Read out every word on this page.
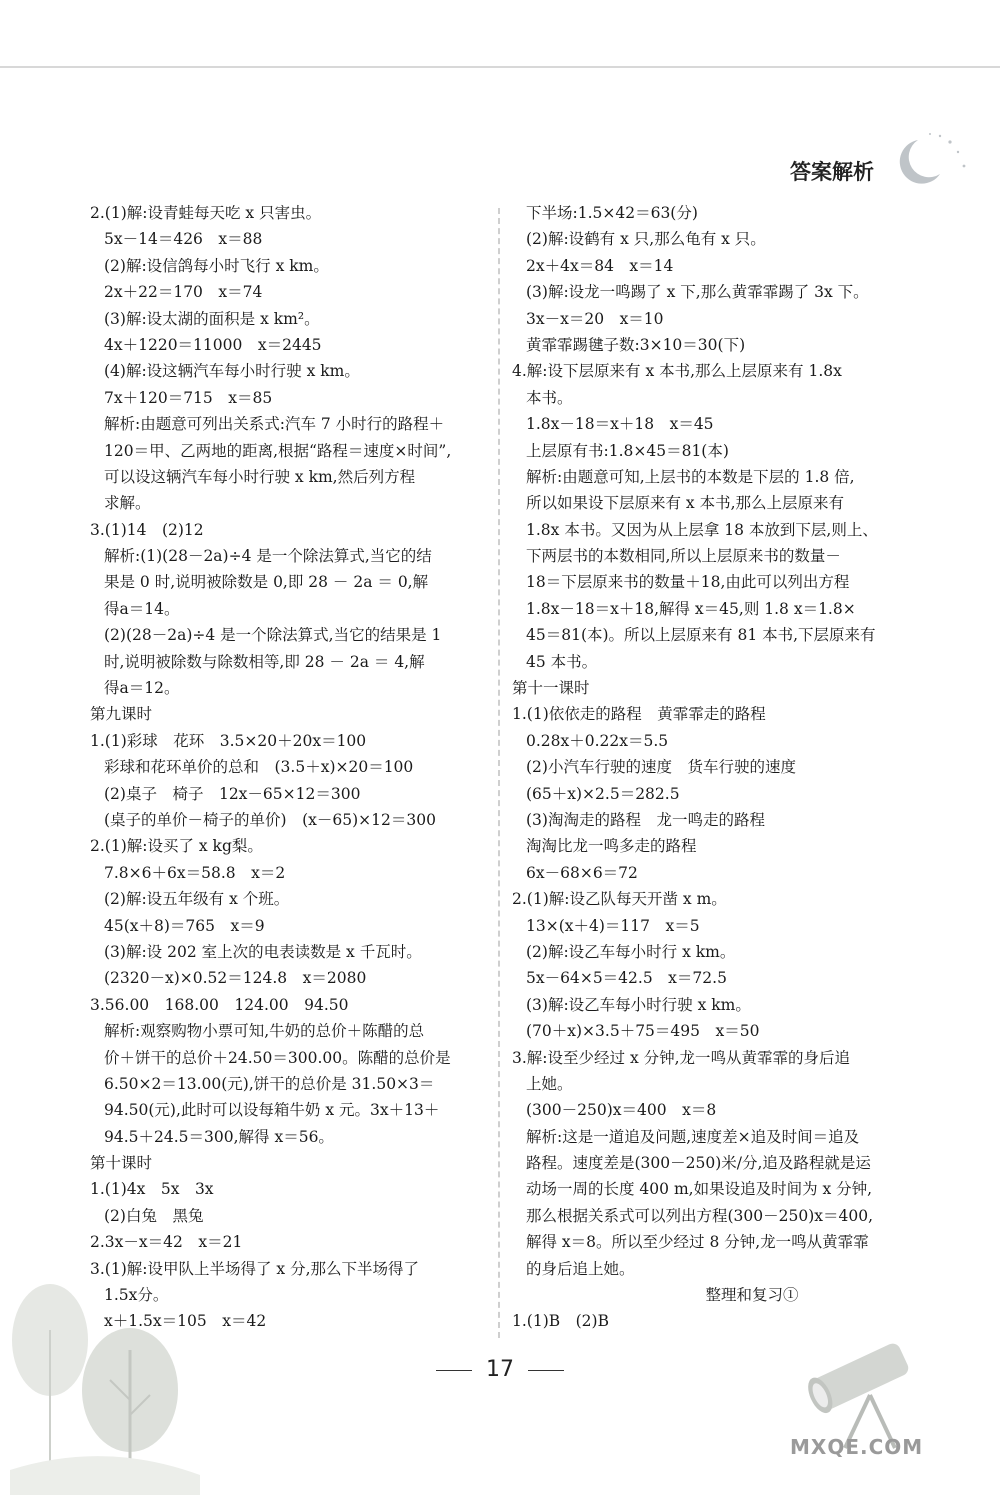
答案解析
2.(1)解:设青蛙每天吃 x 只害虫。
5x－14＝426　x＝88
(2)解:设信鸽每小时飞行 x km。
2x＋22＝170　x＝74
(3)解:设太湖的面积是 x km²。
4x＋1220＝11000　x＝2445
(4)解:设这辆汽车每小时行驶 x km。
7x＋120＝715　x＝85
解析:由题意可列出关系式:汽车 7 小时行的路程＋
120＝甲、乙两地的距离,根据“路程＝速度×时间”,
可以设这辆汽车每小时行驶 x km,然后列方程
求解。
3.(1)14　(2)12
解析:(1)(28－2a)÷4 是一个除法算式,当它的结
果是 0 时,说明被除数是 0,即 28 － 2a ＝ 0,解
得a＝14。
(2)(28－2a)÷4 是一个除法算式,当它的结果是 1
时,说明被除数与除数相等,即 28 － 2a ＝ 4,解
得a＝12。
第九课时
1.(1)彩球　花环　3.5×20＋20x＝100
彩球和花环单价的总和　(3.5＋x)×20＝100
(2)桌子　椅子　12x－65×12＝300
(桌子的单价－椅子的单价)　(x－65)×12＝300
2.(1)解:设买了 x kg梨。
7.8×6＋6x＝58.8　x＝2
(2)解:设五年级有 x 个班。
45(x＋8)＝765　x＝9
(3)解:设 202 室上次的电表读数是 x 千瓦时。
(2320－x)×0.52＝124.8　x＝2080
3.56.00　168.00　124.00　94.50
解析:观察购物小票可知,牛奶的总价＋陈醋的总
价＋饼干的总价＋24.50＝300.00。陈醋的总价是
6.50×2＝13.00(元),饼干的总价是 31.50×3＝
94.50(元),此时可以设每箱牛奶 x 元。3x＋13＋
94.5＋24.5＝300,解得 x＝56。
第十课时
1.(1)4x　5x　3x
(2)白兔　黑兔
2.3x－x＝42　x＝21
3.(1)解:设甲队上半场得了 x 分,那么下半场得了
1.5x分。
x＋1.5x＝105　x＝42
下半场:1.5×42＝63(分)
(2)解:设鹤有 x 只,那么龟有 x 只。
2x＋4x＝84　x＝14
(3)解:设龙一鸣踢了 x 下,那么黄霏霏踢了 3x 下。
3x－x＝20　x＝10
黄霏霏踢毽子数:3×10＝30(下)
4.解:设下层原来有 x 本书,那么上层原来有 1.8x
本书。
1.8x－18＝x＋18　x＝45
上层原有书:1.8×45＝81(本)
解析:由题意可知,上层书的本数是下层的 1.8 倍,
所以如果设下层原来有 x 本书,那么上层原来有
1.8x 本书。又因为从上层拿 18 本放到下层,则上、
下两层书的本数相同,所以上层原来书的数量－
18＝下层原来书的数量＋18,由此可以列出方程
1.8x－18＝x＋18,解得 x＝45,则 1.8 x＝1.8×
45＝81(本)。所以上层原来有 81 本书,下层原来有
45 本书。
第十一课时
1.(1)依依走的路程　黄霏霏走的路程
0.28x＋0.22x＝5.5
(2)小汽车行驶的速度　货车行驶的速度
(65＋x)×2.5＝282.5
(3)淘淘走的路程　龙一鸣走的路程
淘淘比龙一鸣多走的路程
6x－68×6＝72
2.(1)解:设乙队每天开凿 x m。
13×(x＋4)＝117　x＝5
(2)解:设乙车每小时行 x km。
5x－64×5＝42.5　x＝72.5
(3)解:设乙车每小时行驶 x km。
(70＋x)×3.5＋75＝495　x＝50
3.解:设至少经过 x 分钟,龙一鸣从黄霏霏的身后追
上她。
(300－250)x＝400　x＝8
解析:这是一道追及问题,速度差×追及时间＝追及
路程。速度差是(300－250)米/分,追及路程就是运
动场一周的长度 400 m,如果设追及时间为 x 分钟,
那么根据关系式可以列出方程(300－250)x＝400,
解得 x＝8。所以至少经过 8 分钟,龙一鸣从黄霏霏
的身后追上她。
整理和复习①
1.(1)B　(2)B
17
MXQE.COM
